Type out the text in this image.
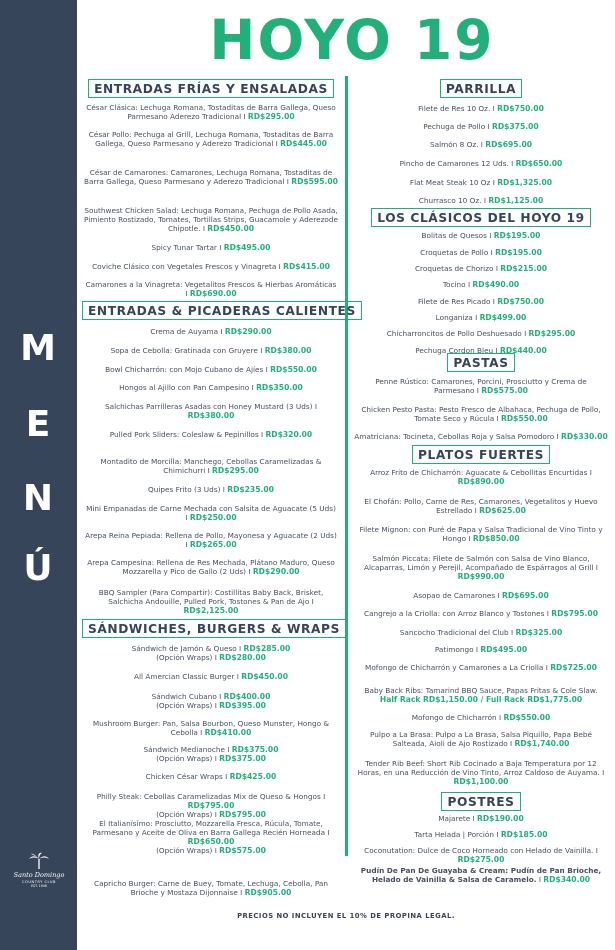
M
E
N
Ú
Santo Domingo
COUNTRY CLUB
EST. 1946
HOYO 19
ENTRADAS FRÍAS Y ENSALADAS
César Clásica: Lechuga Romana, Tostaditas de Barra Gallega, Queso Parmesano Aderezo Tradicional I RD$295.00
César Pollo: Pechuga al Grill, Lechuga Romana, Tostaditas de Barra Gallega, Queso Parmesano y Aderezo Tradicional I RD$445.00
César de Camarones: Camarones, Lechuga Romana, Tostaditas de Barra Gallega, Queso Parmesano y Aderezo Tradicional I RD$595.00
Southwest Chicken Salad: Lechuga Romana, Pechuga de Pollo Asada, Pimiento Rostizado, Tomates, Tortillas Strips, Guacamole y Aderezode Chipotle. I RD$450.00
Spicy Tunar Tartar I RD$495.00
Coviche Clásico con Vegetales Frescos y Vinagreta I RD$415.00
Camarones a la Vinagreta: Vegetalitos Frescos & Hierbas Aromáticas I RD$690.00
ENTRADAS & PICADERAS CALIENTES
Crema de Auyama I RD$290.00
Sopa de Cebolla: Gratinada con Gruyere I RD$380.00
Bowl Chicharrón: con Mojo Cubano de Ajíes I RD$550.00
Hongos al Ajillo con Pan Campesino I RD$350.00
Salchichas Parrilleras Asadas con Honey Mustard (3 Uds) I RD$380.00
Pulled Pork Sliders: Coleslaw & Pepinillos I RD$320.00
Montadito de Morcilla: Manchego, Cebollas Caramelizadas & Chimichurri I RD$295.00
Quipes Frito (3 Uds) I RD$235.00
Mini Empanadas de Carne Mechada con Salsita de Aguacate (5 Uds) I RD$250.00
Arepa Reina Pepiada: Rellena de Pollo, Mayonesa y Aguacate (2 Uds) I RD$265.00
Arepa Campesina: Rellena de Res Mechada, Plátano Maduro, Queso Mozzarella y Pico de Gallo (2 Uds) I RD$290.00
BBQ Sampler (Para Compartir): Costillitas Baby Back, Brisket, Salchicha Andouille, Pulled Pork, Tostones & Pan de Ajo I RD$2,125.00
SÁNDWICHES, BURGERS & WRAPS
Sándwich de Jamón & Queso I RD$285.00
(Opción Wraps) I RD$280.00
All Amercian Classic Burger I RD$450.00
Sándwich Cubano I RD$400.00
(Opción Wraps) I RD$395.00
Mushroom Burger: Pan, Salsa Bourbon, Queso Munster, Hongo & Cebolla I RD$410.00
Sándwich Medianoche I RD$375.00
(Opción Wraps) I RD$375.00
Chicken César Wraps I RD$425.00
Philly Steak: Cebollas Caramelizadas Mix de Queso & Hongos I RD$795.00
(Opción Wraps) I RD$795.00
El Italianísimo: Prosciutto, Mozzarella Fresca, Rúcula, Tomate, Parmesano y Aceite de Oliva en Barra Gallega Recién Horneada I RD$650.00
(Opción Wraps) I RD$575.00
Capricho Burger: Carne de Buey, Tomate, Lechuga, Cebolla, Pan Brioche y Mostaza Dijonnaise I RD$905.00
PARRILLA
Filete de Res 10 Oz. I RD$750.00
Pechuga de Pollo I RD$375.00
Salmón 8 Oz. I RD$695.00
Pincho de Camarones 12 Uds. I RD$650.00
Flat Meat Steak 10 Oz I RD$1,325.00
Churrasco 10 Oz. I RD$1,125.00
LOS CLÁSICOS DEL HOYO 19
Bolitas de Quesos I RD$195.00
Croquetas de Pollo I RD$195.00
Croquetas de Chorizo I RD$215.00
Tocino I RD$490.00
Filete de Res Picado I RD$750.00
Longaniza I RD$499.00
Chicharroncitos de Pollo Deshuesado I RD$295.00
Pechuga Cordon Bleu I RD$440.00
PASTAS
Penne Rústico: Camarones, Porcini, Prosciutto y Crema de Parmesano I RD$575.00
Chicken Pesto Pasta: Pesto Fresco de Albahaca, Pechuga de Pollo, Tomate Seco y Rúcula I RD$550.00
Amatriciana: Tocineta, Cebollas Roja y Salsa Pomodoro I RD$330.00
PLATOS FUERTES
Arroz Frito de Chicharrón: Aguacate & Cebollitas Encurtidas I RD$890.00
El Chofán: Pollo, Carne de Res, Camarones, Vegetalitos y Huevo Estrellado I RD$625.00
Filete Mignon: con Puré de Papa y Salsa Tradicional de Vino Tinto y Hongo I RD$850.00
Salmón Piccata: Filete de Salmón con Salsa de Vino Blanco, Alcaparras, Limón y Perejil, Acompañado de Espárragos al Grill I RD$990.00
Asopao de Camarones I RD$695.00
Cangrejo a la Criolla: con Arroz Blanco y Tostones I RD$795.00
Sancocho Tradicional del Club I RD$325.00
Patimongo I RD$495.00
Mofongo de Chicharrón y Camarones a La Criolla I RD$725.00
Baby Back Ribs: Tamarind BBQ Sauce, Papas Fritas & Cole Slaw.
Half Rack RD$1,150.00 / Full Rack RD$1,775.00
Mofongo de Chicharrón I RD$550.00
Pulpo a La Brasa: Pulpo a La Brasa, Salsa Piquillo, Papa Bebé Salteada, Aioli de Ajo Rostizado I RD$1,740.00
Tender Rib Beef: Short Rib Cocinado a Baja Temperatura por 12 Horas, en una Reducción de Vino Tinto, Arroz Caldoso de Auyama. I RD$1,100.00
POSTRES
Majarete I RD$190.00
Tarta Helada | Porción I RD$185.00
Coconutation: Dulce de Coco Horneado con Helado de Vainilla. I RD$275.00
Pudín De Pan De Guayaba & Cream: Pudín de Pan Brioche, Helado de Vainilla & Salsa de Caramelo. I RD$340.00
PRECIOS NO INCLUYEN EL 10% DE PROPINA LEGAL.
